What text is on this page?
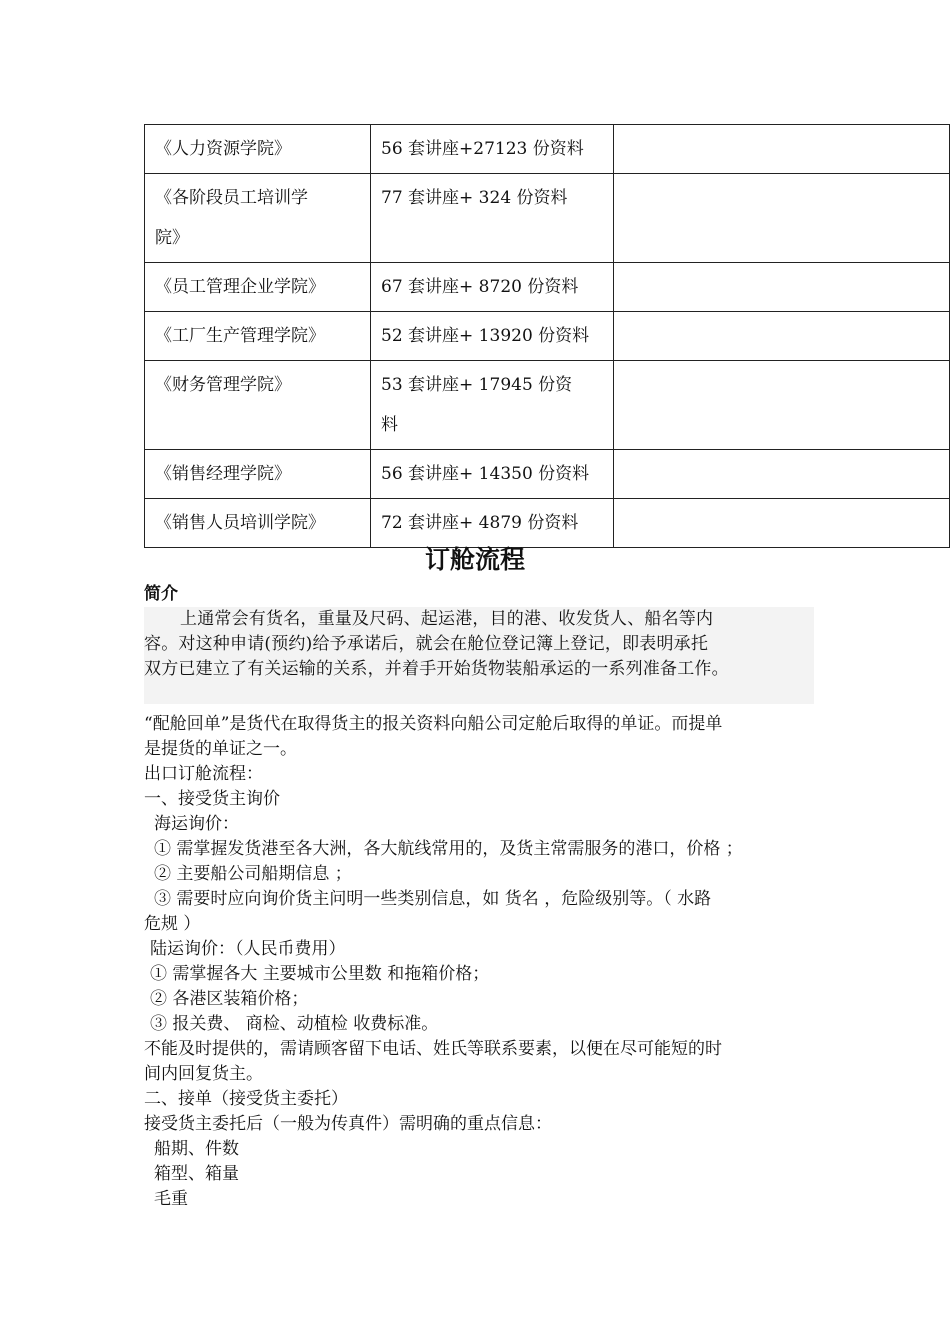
《人力资源学院》	56 套讲座+27123 份资料	

《各阶段员工培训学
院》	77 套讲座+ 324 份资料	
《员工管理企业学院》	67 套讲座+ 8720 份资料	
《工厂生产管理学院》	52 套讲座+ 13920 份资料	
《财务管理学院》	53 套讲座+ 17945 份资
料	

《销售经理学院》	56 套讲座+ 14350 份资料	
《销售人员培训学院》	72 套讲座+ 4879 份资料	
订舱流程
简介

上通常会有货名，重量及尺码、起运港，目的港、收发货人、船名等内

容。对这种申请(预约)给予承诺后，就会在舱位登记簿上登记，即表明承托

双方已建立了有关运输的关系，并着手开始货物装船承运的一系列准备工作。

“配舱回单”是货代在取得货主的报关资料向船公司定舱后取得的单证。而提单

是提货的单证之一。

出口订舱流程：

一、接受货主询价

海运询价：

① 需掌握发货港至各大洲，各大航线常用的，及货主常需服务的港口，价格 ；

② 主要船公司船期信息 ；

③ 需要时应向询价货主问明一些类别信息，如 货名 ，危险级别等。（ 水路

危规 ）

陆运询价：（人民币费用）

① 需掌握各大 主要城市公里数 和拖箱价格；

② 各港区装箱价格；

③ 报关费、 商检、动植检 收费标准。

不能及时提供的，需请顾客留下电话、姓氏等联系要素，以便在尽可能短的时

间内回复货主。

二、接单（接受货主委托）

接受货主委托后（一般为传真件）需明确的重点信息：

船期、件数

箱型、箱量

毛重
